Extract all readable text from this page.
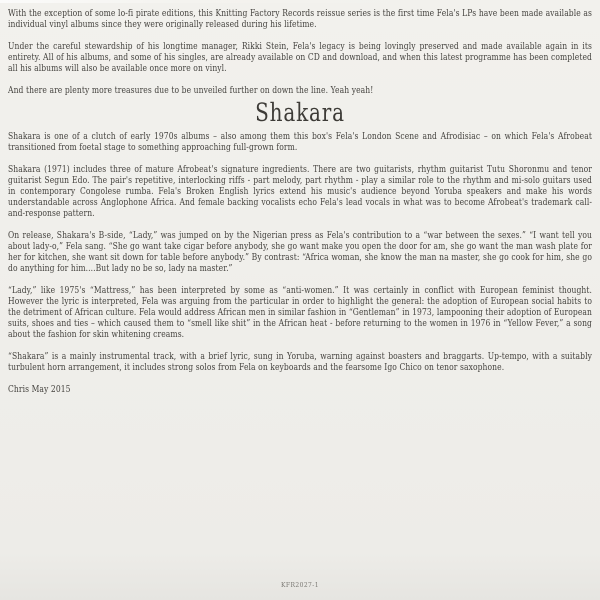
With the exception of some lo-fi pirate editions, this Knitting Factory Records reissue series is the first time Fela's LPs have been made available as individual vinyl albums since they were originally released during his lifetime.

Under the careful stewardship of his longtime manager, Rikki Stein, Fela's legacy is being lovingly preserved and made available again in its entirety. All of his albums, and some of his singles, are already available on CD and download, and when this latest programme has been completed all his albums will also be available once more on vinyl.

And there are plenty more treasures due to be unveiled further on down the line. Yeah yeah!

Shakara

Shakara is one of a clutch of early 1970s albums – also among them this box's Fela's London Scene and Afrodisiac – on which Fela's Afrobeat transitioned from foetal stage to something approaching full-grown form.

Shakara (1971) includes three of mature Afrobeat's signature ingredients. There are two guitarists, rhythm guitarist Tutu Shoronmu and tenor guitarist Segun Edo. The pair's repetitive, interlocking riffs - part melody, part rhythm - play a similar role to the rhythm and mi-solo guitars used in contemporary Congolese rumba. Fela's Broken English lyrics extend his music's audience beyond Yoruba speakers and make his words understandable across Anglophone Africa. And female backing vocalists echo Fela's lead vocals in what was to become Afrobeat's trademark call-and-response pattern.

On release, Shakara's B-side, “Lady,” was jumped on by the Nigerian press as Fela's contribution to a “war between the sexes.” “I want tell you about lady-o,” Fela sang. “She go want take cigar before anybody, she go want make you open the door for am, she go want the man wash plate for her for kitchen, she want sit down for table before anybody.” By contrast: “Africa woman, she know the man na master, she go cook for him, she go do anything for him....But lady no be so, lady na master.”

“Lady,” like 1975's “Mattress,” has been interpreted by some as “anti-women.” It was certainly in conflict with European feminist thought. However the lyric is interpreted, Fela was arguing from the particular in order to highlight the general: the adoption of European social habits to the detriment of African culture. Fela would address African men in similar fashion in “Gentleman” in 1973, lampooning their adoption of European suits, shoes and ties – which caused them to “smell like shit” in the African heat - before returning to the women in 1976 in “Yellow Fever,” a song about the fashion for skin whitening creams.

“Shakara” is a mainly instrumental track, with a brief lyric, sung in Yoruba, warning against boasters and braggarts. Up-tempo, with a suitably turbulent horn arrangement, it includes strong solos from Fela on keyboards and the fearsome Igo Chico on tenor saxophone.

Chris May 2015

KFR2027-1
